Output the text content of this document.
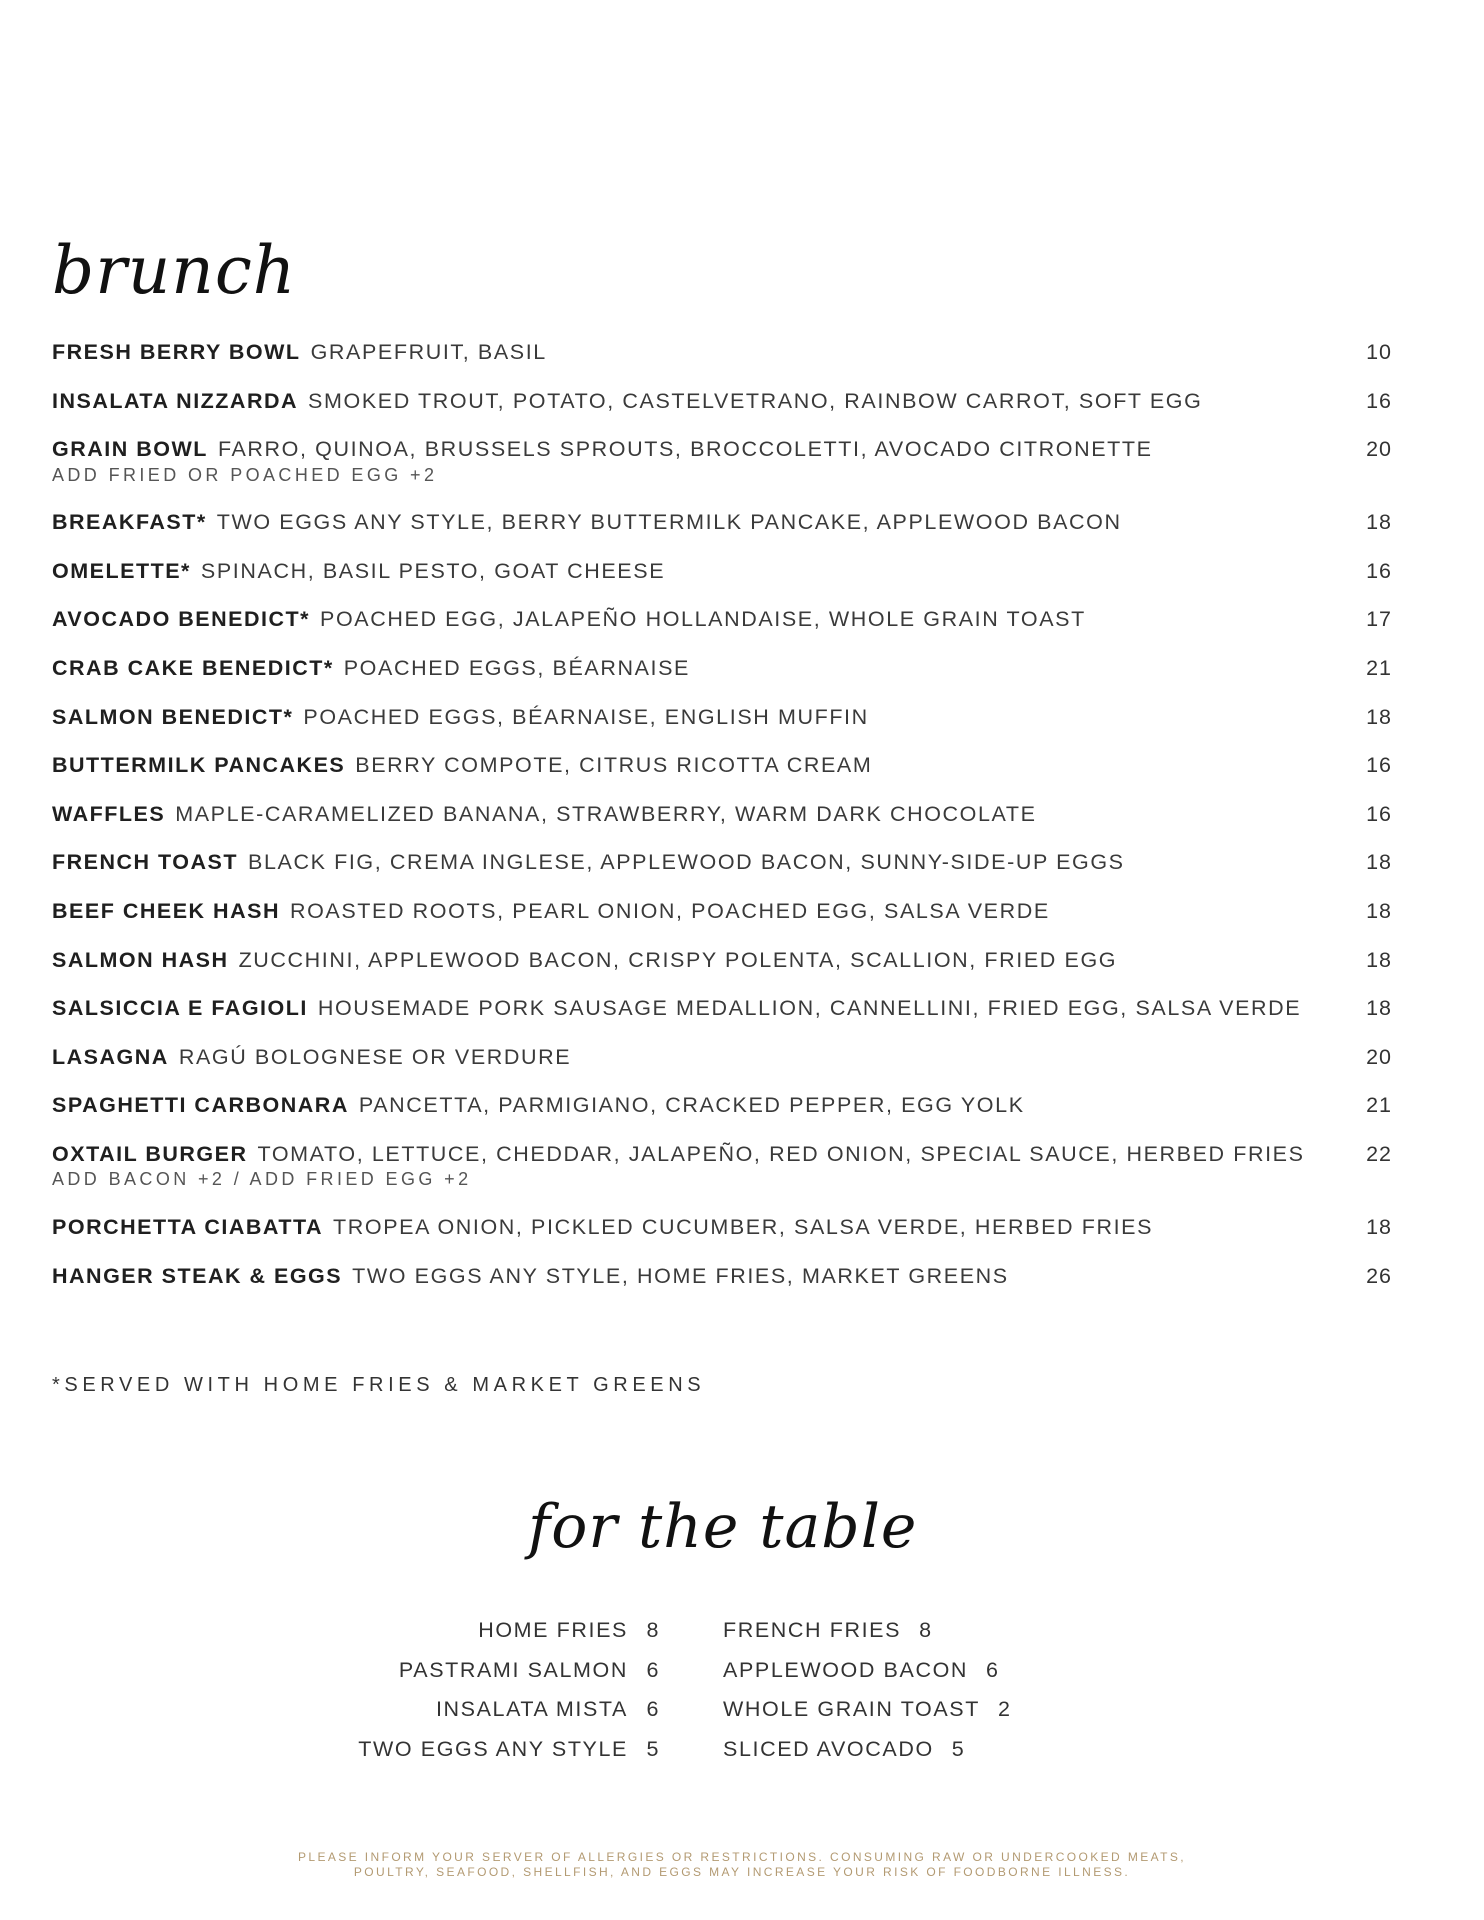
brunch
FRESH BERRY BOWL GRAPEFRUIT, BASIL	10
INSALATA NIZZARDA SMOKED TROUT, POTATO, CASTELVETRANO, RAINBOW CARROT, SOFT EGG	16
GRAIN BOWL FARRO, QUINOA, BRUSSELS SPROUTS, BROCCOLETTI, AVOCADO CITRONETTE	20
ADD FRIED OR POACHED EGG +2
BREAKFAST* TWO EGGS ANY STYLE, BERRY BUTTERMILK PANCAKE, APPLEWOOD BACON	18
OMELETTE* SPINACH, BASIL PESTO, GOAT CHEESE	16
AVOCADO BENEDICT* POACHED EGG, JALAPEÑO HOLLANDAISE, WHOLE GRAIN TOAST	17
CRAB CAKE BENEDICT* POACHED EGGS, BÉARNAISE	21
SALMON BENEDICT* POACHED EGGS, BÉARNAISE, ENGLISH MUFFIN	18
BUTTERMILK PANCAKES BERRY COMPOTE, CITRUS RICOTTA CREAM	16
WAFFLES MAPLE-CARAMELIZED BANANA, STRAWBERRY, WARM DARK CHOCOLATE	16
FRENCH TOAST BLACK FIG, CREMA INGLESE, APPLEWOOD BACON, SUNNY-SIDE-UP EGGS	18
BEEF CHEEK HASH ROASTED ROOTS, PEARL ONION, POACHED EGG, SALSA VERDE	18
SALMON HASH ZUCCHINI, APPLEWOOD BACON, CRISPY POLENTA, SCALLION, FRIED EGG	18
SALSICCIA E FAGIOLI HOUSEMADE PORK SAUSAGE MEDALLION, CANNELLINI, FRIED EGG, SALSA VERDE	18
LASAGNA RAGÚ BOLOGNESE OR VERDURE	20
SPAGHETTI CARBONARA PANCETTA, PARMIGIANO, CRACKED PEPPER, EGG YOLK	21
OXTAIL BURGER TOMATO, LETTUCE, CHEDDAR, JALAPEÑO, RED ONION, SPECIAL SAUCE, HERBED FRIES	22
ADD BACON +2 / ADD FRIED EGG +2
PORCHETTA CIABATTA TROPEA ONION, PICKLED CUCUMBER, SALSA VERDE, HERBED FRIES	18
HANGER STEAK & EGGS TWO EGGS ANY STYLE, HOME FRIES, MARKET GREENS	26

*SERVED WITH HOME FRIES & MARKET GREENS

for the table
HOME FRIES 8
PASTRAMI SALMON 6
INSALATA MISTA 6
TWO EGGS ANY STYLE 5
FRENCH FRIES 8
APPLEWOOD BACON 6
WHOLE GRAIN TOAST 2
SLICED AVOCADO 5

PLEASE INFORM YOUR SERVER OF ALLERGIES OR RESTRICTIONS. CONSUMING RAW OR UNDERCOOKED MEATS,
POULTRY, SEAFOOD, SHELLFISH, AND EGGS MAY INCREASE YOUR RISK OF FOODBORNE ILLNESS.
